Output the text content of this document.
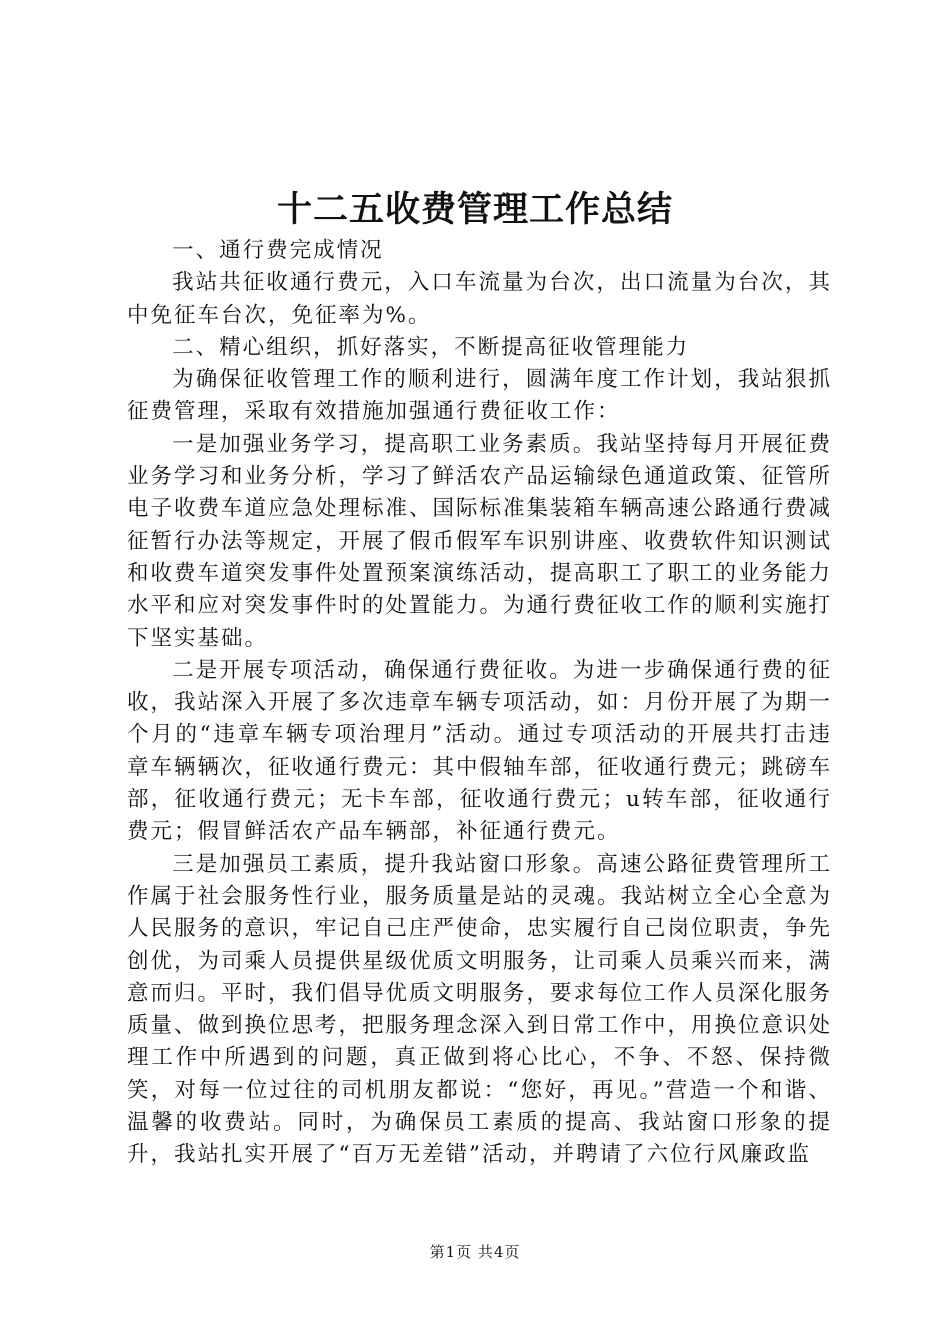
十二五收费管理工作总结

一、通行费完成情况

我站共征收通行费元，入口车流量为台次，出口流量为台次，其中免征车台次，免征率为%。

二、精心组织，抓好落实，不断提高征收管理能力

为确保征收管理工作的顺利进行，圆满年度工作计划，我站狠抓征费管理，采取有效措施加强通行费征收工作：

一是加强业务学习，提高职工业务素质。我站坚持每月开展征费业务学习和业务分析，学习了鲜活农产品运输绿色通道政策、征管所电子收费车道应急处理标准、国际标准集装箱车辆高速公路通行费减征暂行办法等规定，开展了假币假军车识别讲座、收费软件知识测试和收费车道突发事件处置预案演练活动，提高职工了职工的业务能力水平和应对突发事件时的处置能力。为通行费征收工作的顺利实施打下坚实基础。

二是开展专项活动，确保通行费征收。为进一步确保通行费的征收，我站深入开展了多次违章车辆专项活动，如：月份开展了为期一个月的“违章车辆专项治理月”活动。通过专项活动的开展共打击违章车辆辆次，征收通行费元：其中假轴车部，征收通行费元；跳磅车部，征收通行费元；无卡车部，征收通行费元；u转车部，征收通行费元；假冒鲜活农产品车辆部，补征通行费元。

三是加强员工素质，提升我站窗口形象。高速公路征费管理所工作属于社会服务性行业，服务质量是站的灵魂。我站树立全心全意为人民服务的意识，牢记自己庄严使命，忠实履行自己岗位职责，争先创优，为司乘人员提供星级优质文明服务，让司乘人员乘兴而来，满意而归。平时，我们倡导优质文明服务，要求每位工作人员深化服务质量、做到换位思考，把服务理念深入到日常工作中，用换位意识处理工作中所遇到的问题，真正做到将心比心，不争、不怒、保持微笑，对每一位过往的司机朋友都说：“您好，再见。”营造一个和谐、温馨的收费站。同时，为确保员工素质的提高、我站窗口形象的提升，我站扎实开展了“百万无差错”活动，并聘请了六位行风廉政监

第1页 共4页
